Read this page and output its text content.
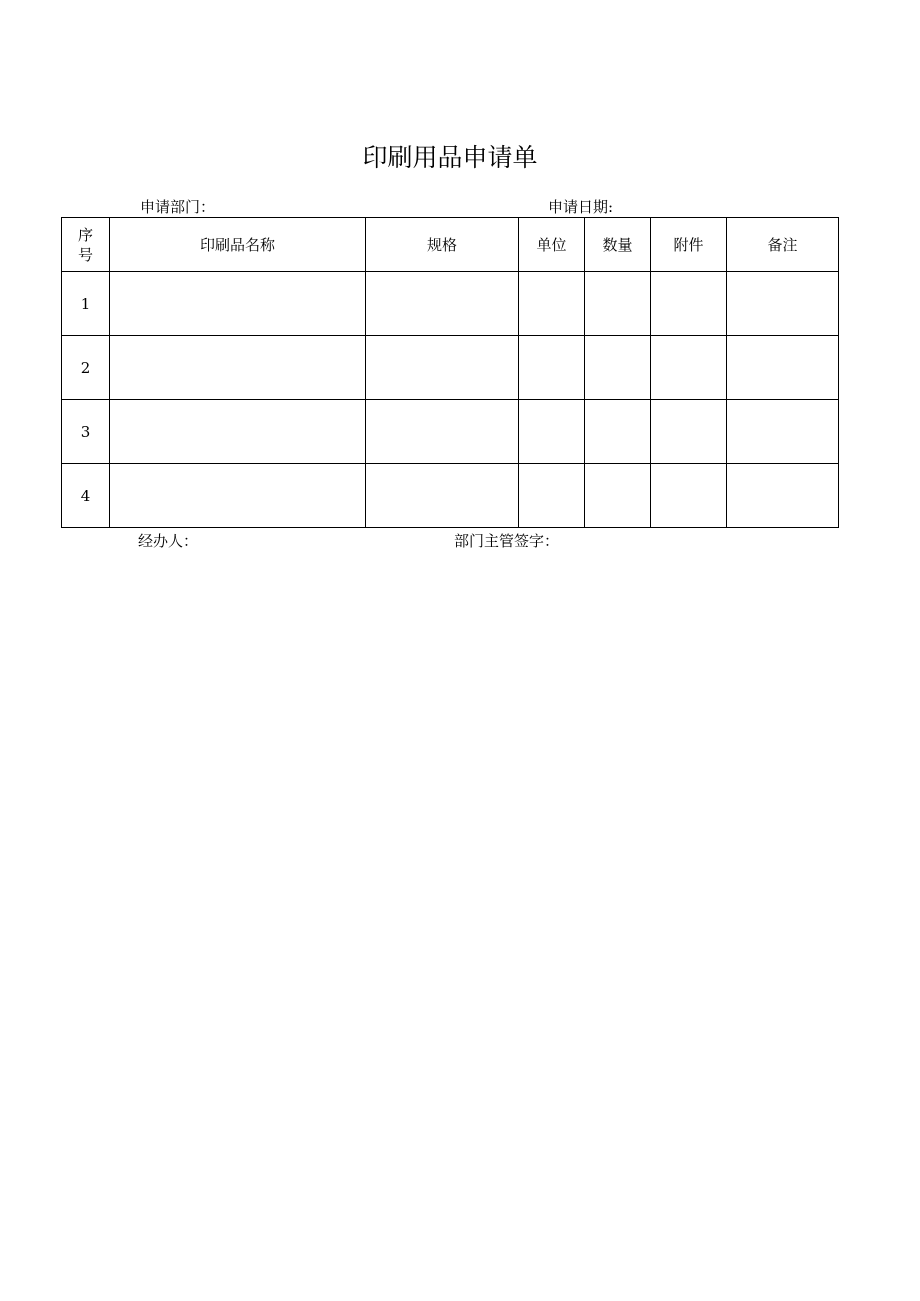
印刷用品申请单
申请部门：	申请日期:
序
号	印刷品名称	规格	单位	数量	附件	备注
1						
2						
3						
4						
经办人：	部门主管签字：
